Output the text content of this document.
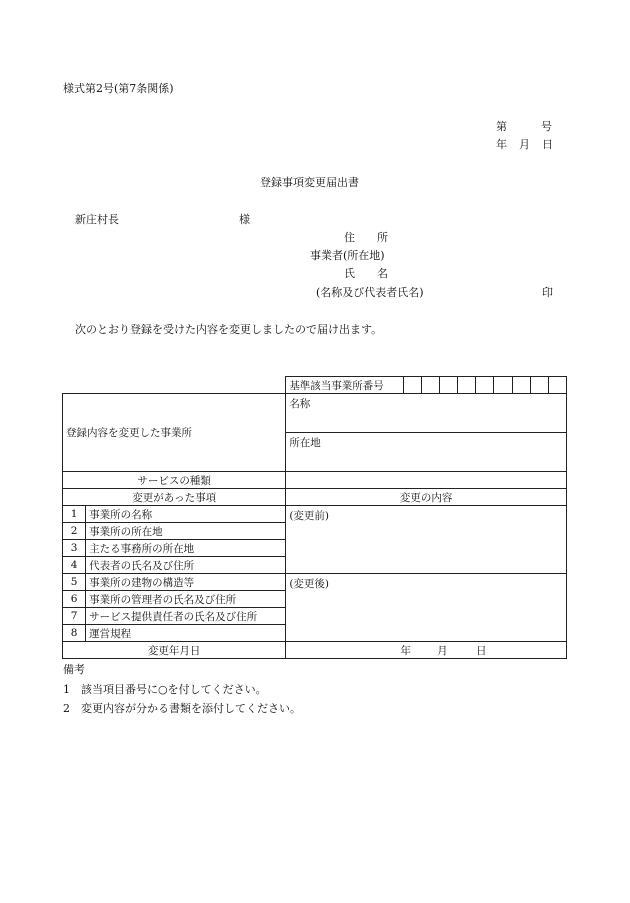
様式第2号(第7条関係)
第	号
年 月 日
登録事項変更届出書
新庄村長	様
住　　所
事業者(所在地)
氏　　名
(名称及び代表者氏名)	印
次のとおり登録を受けた内容を変更しましたので届け出ます。
		基準該当事業所番号									
登録内容を変更した事業所		名称									
		所在地									
サービスの種類											
変更があった事項		変更の内容									
1	事業所の名称	(変更前)									
2	事業所の所在地										
3	主たる事務所の所在地										
4	代表者の氏名及び住所										
5	事業所の建物の構造等	(変更後)									
6	事業所の管理者の氏名及び住所										
7	サービス提供責任者の氏名及び住所										
8	運営規程										
変更年月日		年 月 日									
備考
1　該当項目番号に○を付してください。
2　変更内容が分かる書類を添付してください。
